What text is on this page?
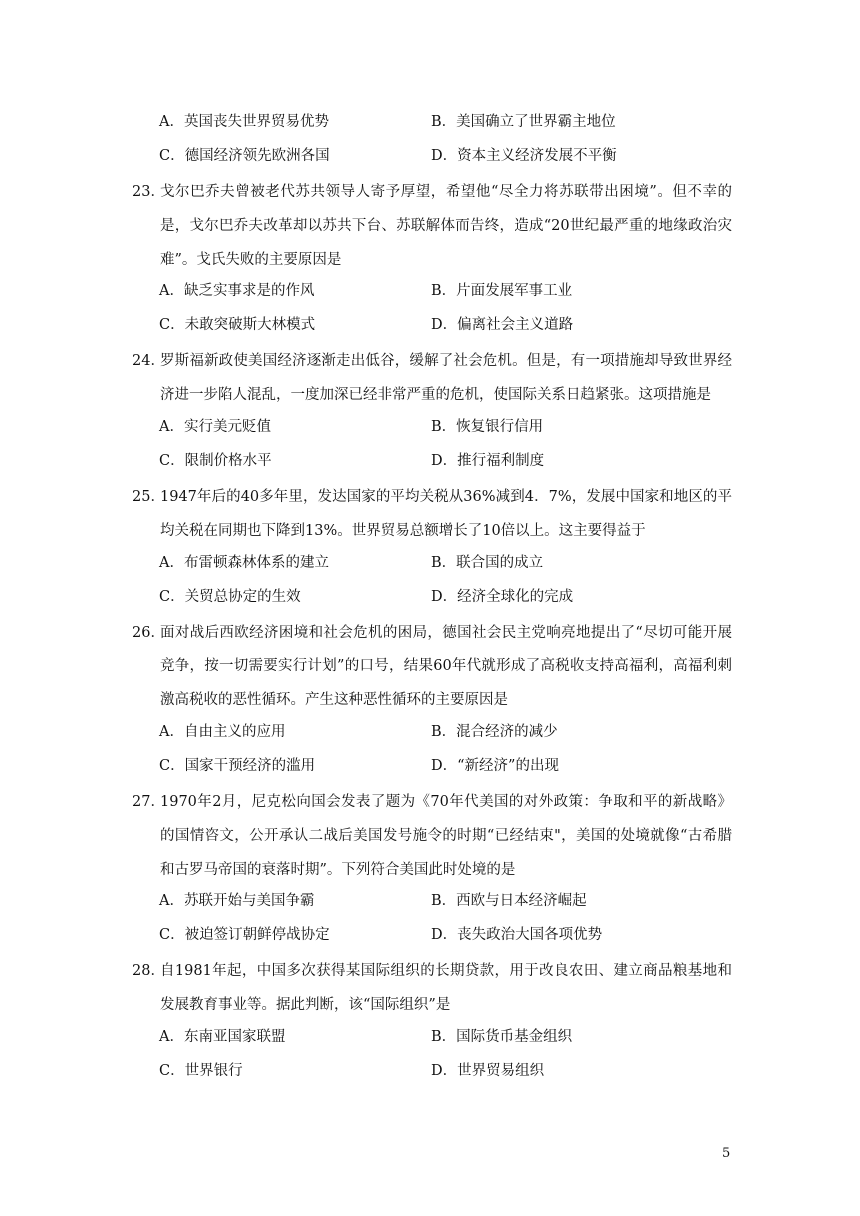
A．英国丧失世界贸易优势	B．美国确立了世界霸主地位
C．德国经济领先欧洲各国	D．资本主义经济发展不平衡
23．
戈尔巴乔夫曾被老代苏共领导人寄予厚望，希望他“尽全力将苏联带出困境”。但不幸的是，戈尔巴乔夫改革却以苏共下台、苏联解体而告终，造成“20世纪最严重的地缘政治灾难”。戈氏失败的主要原因是
A．缺乏实事求是的作风	B．片面发展军事工业
C．未敢突破斯大林模式	D．偏离社会主义道路
24．
罗斯福新政使美国经济逐渐走出低谷，缓解了社会危机。但是，有一项措施却导致世界经济进一步陷人混乱，一度加深已经非常严重的危机，使国际关系日趋紧张。这项措施是
A．实行美元贬值	B．恢复银行信用
C．限制价格水平	D．推行福利制度
25．
1947年后的40多年里，发达国家的平均关税从36%减到4．7%，发展中国家和地区的平均关税在同期也下降到13%。世界贸易总额增长了10倍以上。这主要得益于
A．布雷顿森林体系的建立	B．联合国的成立
C．关贸总协定的生效	D．经济全球化的完成
26．
面对战后西欧经济困境和社会危机的困局，德国社会民主党响亮地提出了“尽切可能开展竞争，按一切需要实行计划”的口号，结果60年代就形成了高税收支持高福利，高福利刺激高税收的恶性循环。产生这种恶性循环的主要原因是
A．自由主义的应用	B．混合经济的减少
C．国家干预经济的滥用	D．“新经济”的出现
27．
1970年2月，尼克松向国会发表了题为《70年代美国的对外政策：争取和平的新战略》的国情咨文，公开承认二战后美国发号施令的时期“已经结束"，美国的处境就像“古希腊和古罗马帝国的衰落时期”。下列符合美国此时处境的是
A．苏联开始与美国争霸	B．西欧与日本经济崛起
C．被迫签订朝鲜停战协定	D．丧失政治大国各项优势
28．
自1981年起，中国多次获得某国际组织的长期贷款，用于改良农田、建立商品粮基地和发展教育事业等。据此判断，该“国际组织”是
A．东南亚国家联盟	B．国际货币基金组织
C．世界银行	D．世界贸易组织
5
